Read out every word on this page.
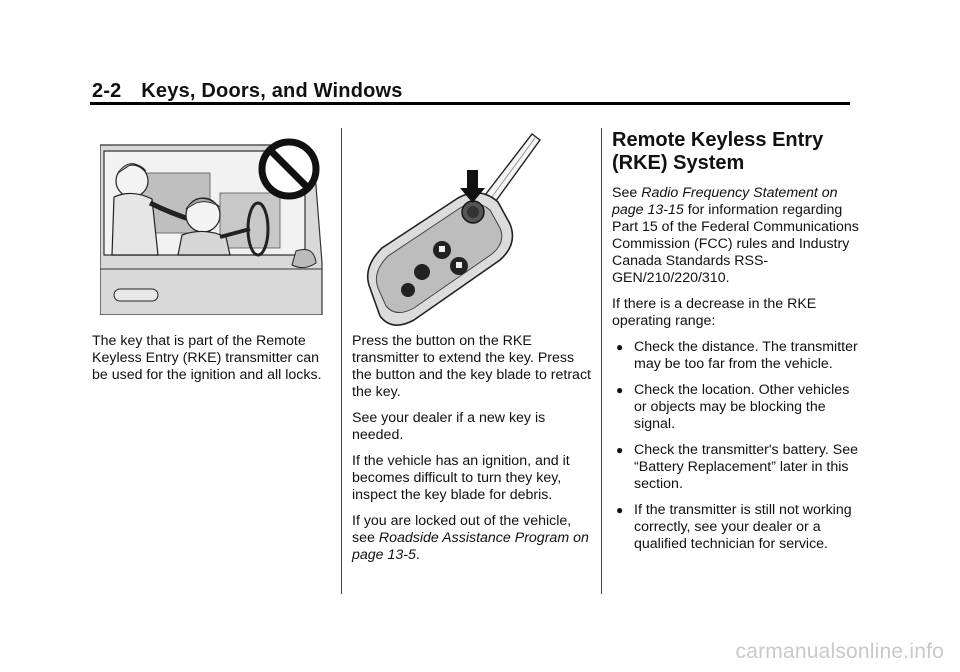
2-2 Keys, Doors, and Windows

The key that is part of the Remote Keyless Entry (RKE) transmitter can be used for the ignition and all locks.

Press the button on the RKE transmitter to extend the key. Press the button and the key blade to retract the key.

See your dealer if a new key is needed.

If the vehicle has an ignition, and it becomes difficult to turn they key, inspect the key blade for debris.

If you are locked out of the vehicle, see Roadside Assistance Program on page 13-5.

Remote Keyless Entry (RKE) System

See Radio Frequency Statement on page 13-15 for information regarding Part 15 of the Federal Communications Commission (FCC) rules and Industry Canada Standards RSS-GEN/210/220/310.

If there is a decrease in the RKE operating range:

● Check the distance. The transmitter may be too far from the vehicle.
● Check the location. Other vehicles or objects may be blocking the signal.
● Check the transmitter's battery. See “Battery Replacement” later in this section.
● If the transmitter is still not working correctly, see your dealer or a qualified technician for service.
carmanualsonline.info
